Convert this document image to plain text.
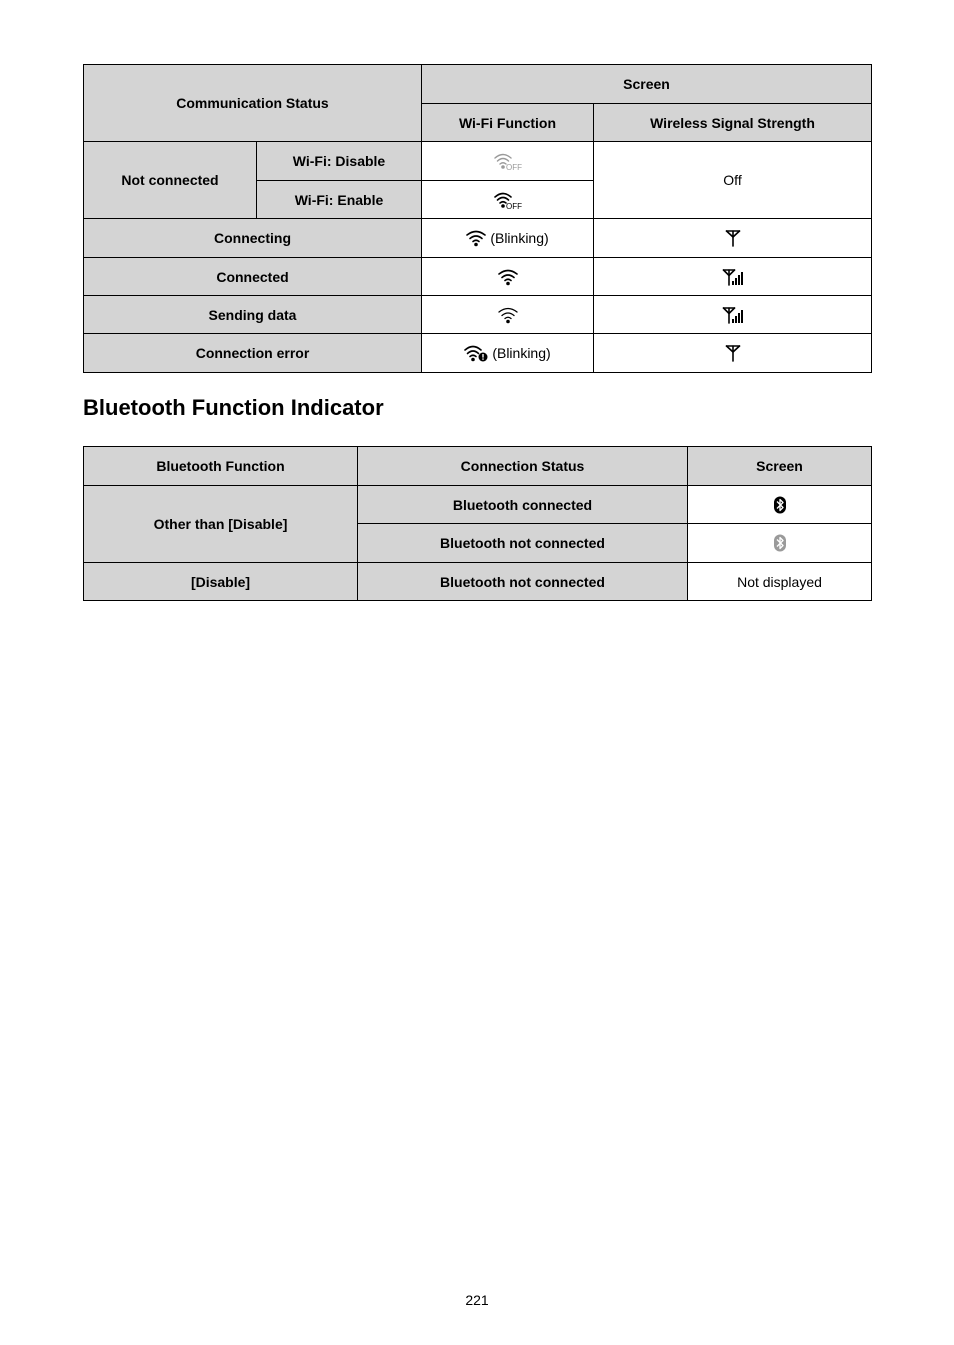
Communication Status		Screen	
		Wi-Fi Function	Wireless Signal Strength
Not connected	Wi-Fi: Disable	OFF	Off
	Wi-Fi: Enable	OFF	

Connecting		(Blinking)

Connected		
Sending data		
Connection error		(Blinking)

Bluetooth Function Indicator
Bluetooth Function	Connection Status	Screen
Other than [Disable]	Bluetooth connected	
	Bluetooth not connected	
[Disable]	Bluetooth not connected	Not displayed
221
